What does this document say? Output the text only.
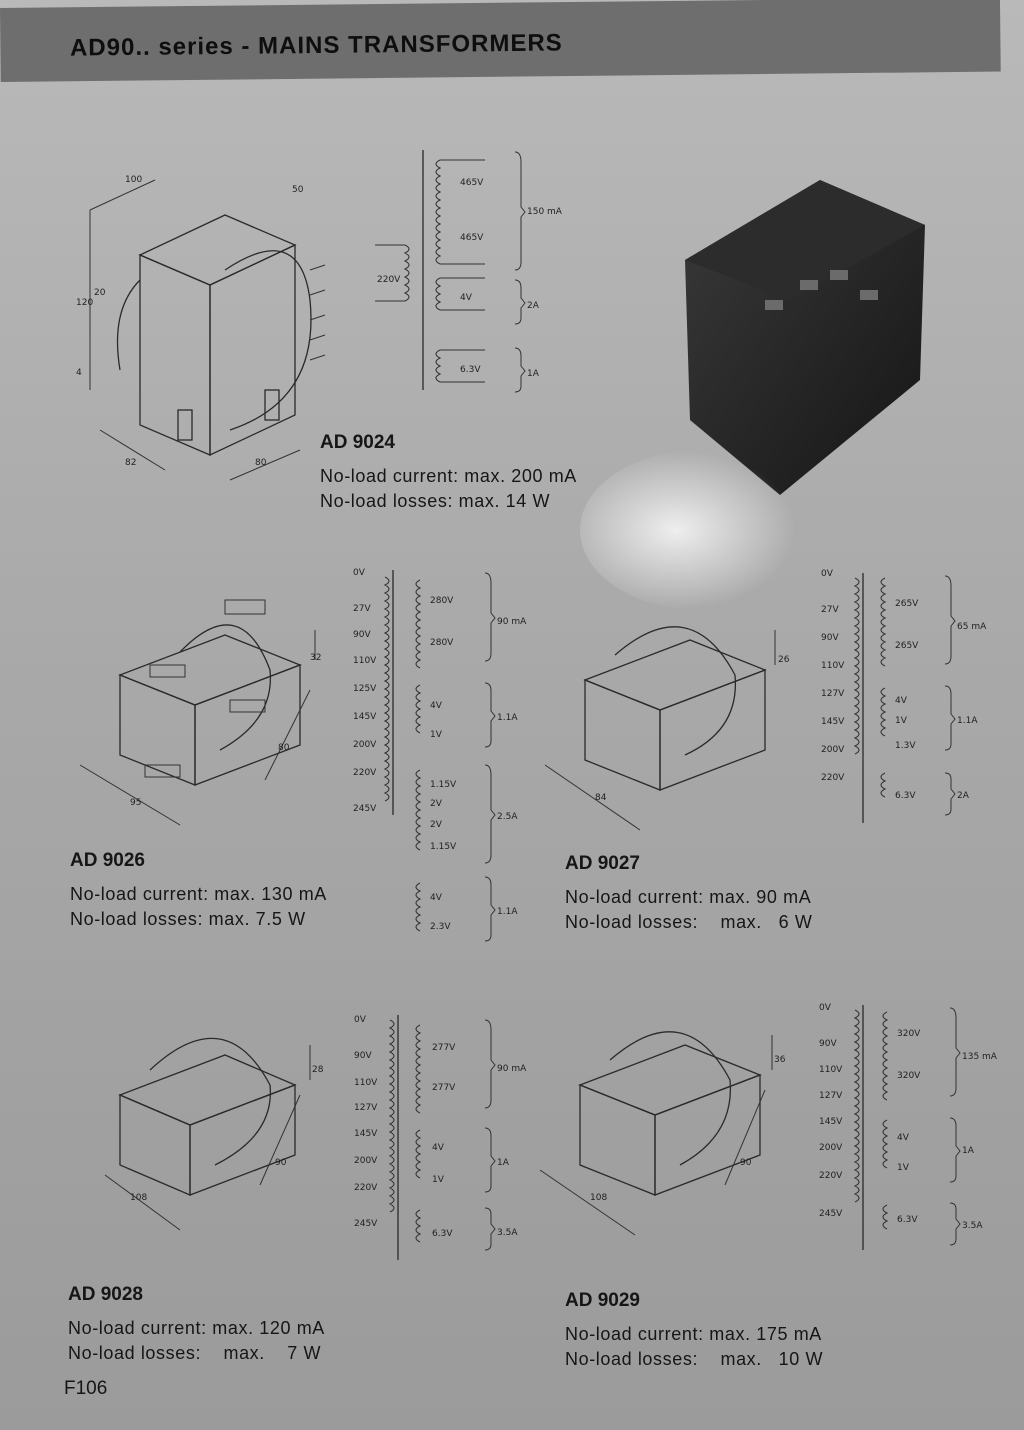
AD90.. series - MAINS TRANSFORMERS
100
50
120
20
4
82	80
220V
465V
465V
4V
6.3V
150 mA
2A
1A

AD 9024

No-load current: max. 200 mA

No-load losses: max. 14 W

32
80
95
0V
27V
90V
110V
125V
145V
200V
220V
245V
280V
280V
4V
1V
1.15V
2V
2V
1.15V
4V
2.3V
90 mA
1.1A
2.5A
1.1A

AD 9026

No-load current: max. 130 mA

No-load losses: max. 7.5 W

26
84
0V
27V
90V
110V
127V
145V
200V
220V
265V
265V
4V
1V
1.3V
6.3V
65 mA
1.1A
2A

AD 9027

No-load current: max. 90 mA

No-load losses:    max.   6 W

28
90
108
0V
90V
110V
127V
145V
200V
220V
245V
277V
277V
4V
1V
6.3V
90 mA
1A
3.5A

AD 9028

No-load current: max. 120 mA

No-load losses:    max.    7 W

36
90
108
0V
90V
110V
127V
145V
200V
220V
245V
320V
320V
4V
1V
6.3V
135 mA
1A
3.5A

AD 9029

No-load current: max. 175 mA

No-load losses:    max.   10 W

F106
